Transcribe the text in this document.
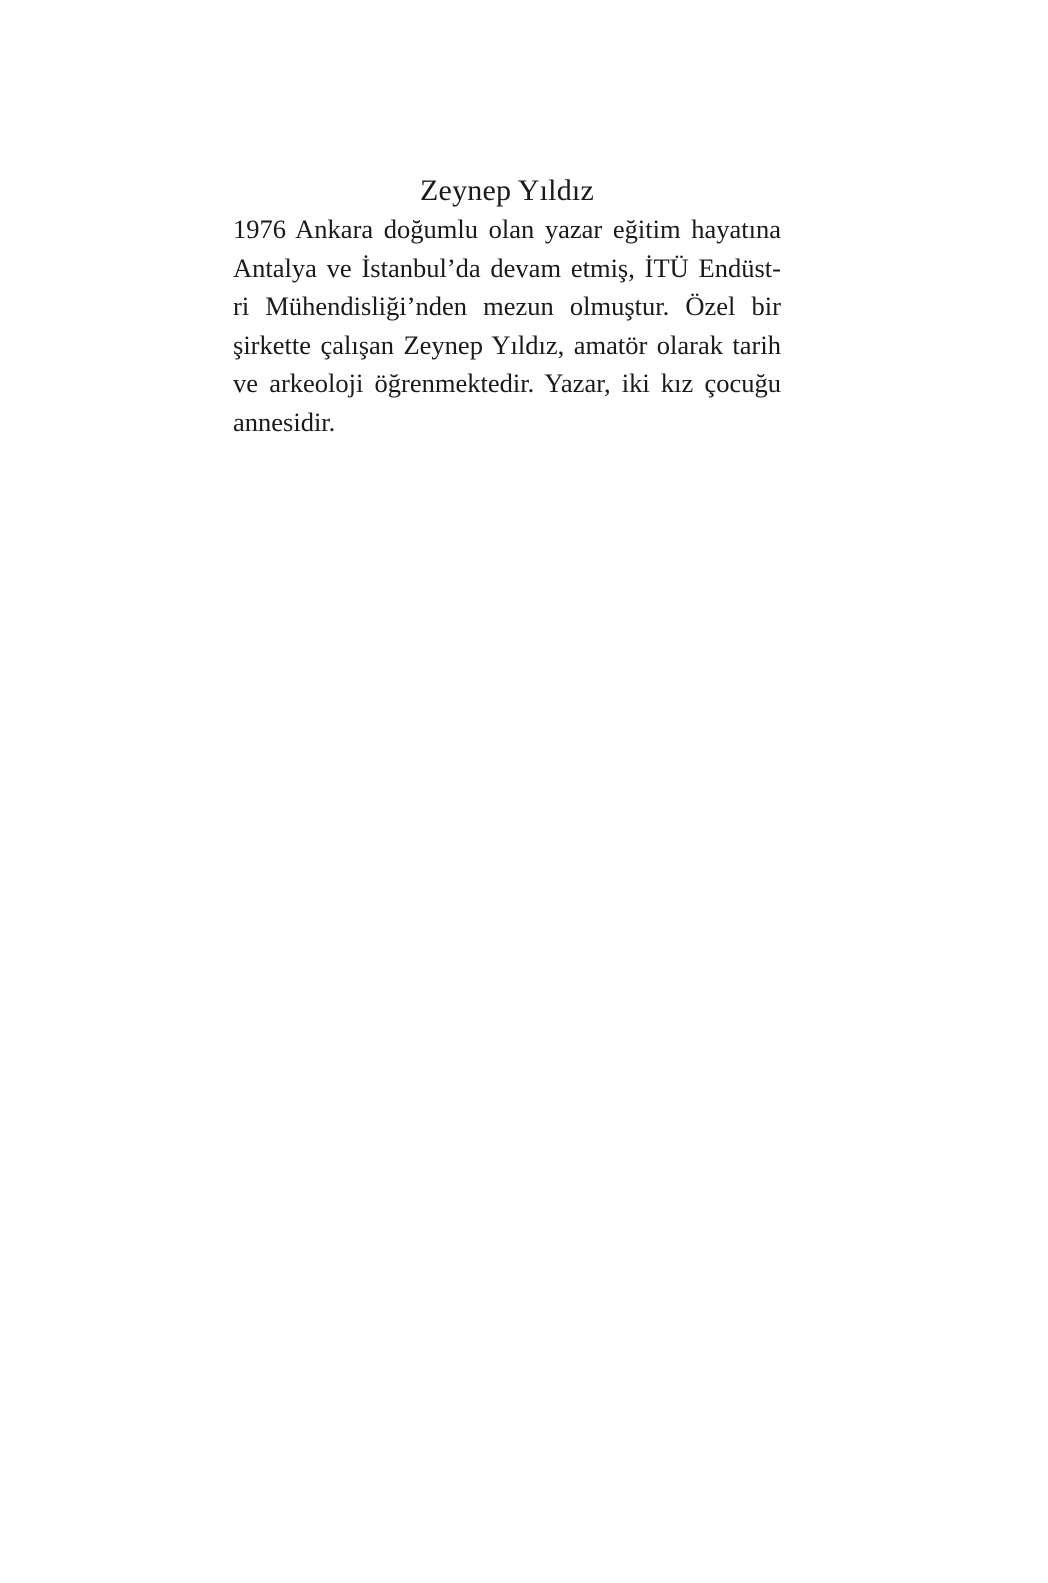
Zeynep Yıldız

1976 Ankara doğumlu olan yazar eğitim hayatına
Antalya ve İstanbul’da devam etmiş, İTÜ Endüst-
ri Mühendisliği’nden mezun olmuştur. Özel bir
şirkette çalışan Zeynep Yıldız, amatör olarak tarih
ve arkeoloji öğrenmektedir. Yazar, iki kız çocuğu
annesidir.
